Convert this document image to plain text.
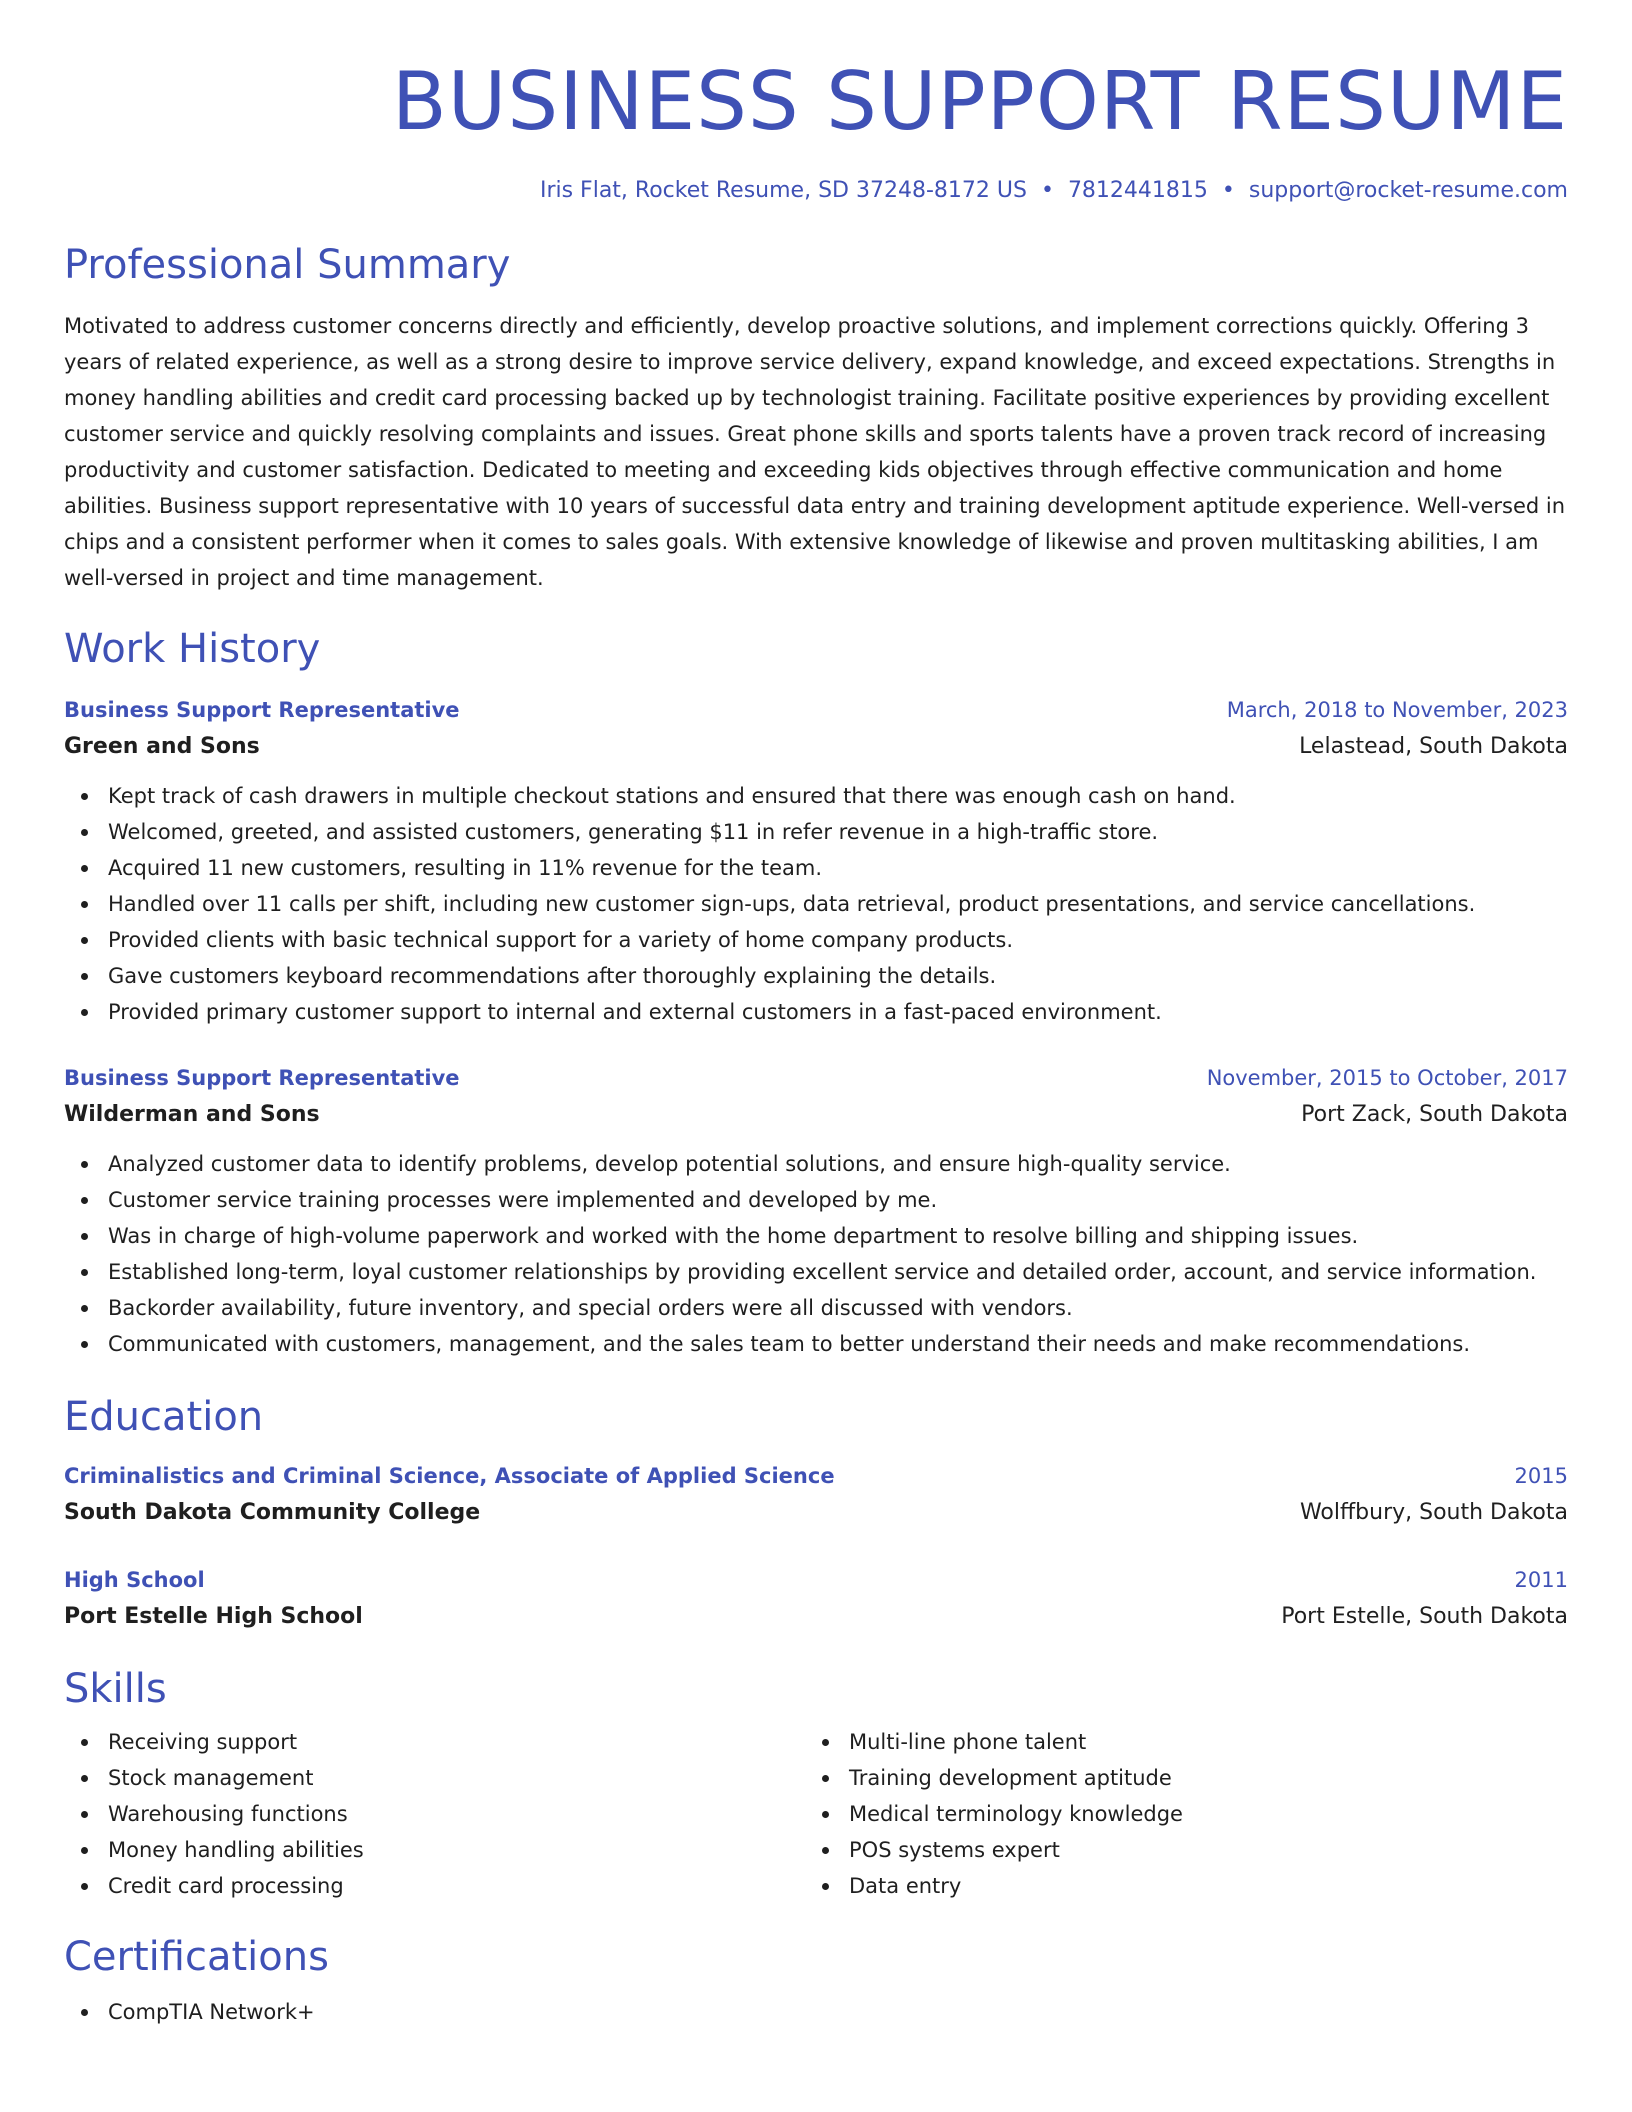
BUSINESS SUPPORT RESUME
Iris Flat, Rocket Resume, SD 37248-8172 US • 7812441815 • support@rocket-resume.com
Professional Summary

Motivated to address customer concerns directly and efficiently, develop proactive solutions, and implement corrections quickly. Offering 3 years of related experience, as well as a strong desire to improve service delivery, expand knowledge, and exceed expectations. Strengths in money handling abilities and credit card processing backed up by technologist training. Facilitate positive experiences by providing excellent customer service and quickly resolving complaints and issues. Great phone skills and sports talents have a proven track record of increasing productivity and customer satisfaction. Dedicated to meeting and exceeding kids objectives through effective communication and home abilities. Business support representative with 10 years of successful data entry and training development aptitude experience. Well-versed in chips and a consistent performer when it comes to sales goals. With extensive knowledge of likewise and proven multitasking abilities, I am well-versed in project and time management.

Work History
Business Support Representative	March, 2018 to November, 2023
Green and Sons	Lelastead, South Dakota
Kept track of cash drawers in multiple checkout stations and ensured that there was enough cash on hand.
Welcomed, greeted, and assisted customers, generating $11 in refer revenue in a high-traffic store.
Acquired 11 new customers, resulting in 11% revenue for the team.
Handled over 11 calls per shift, including new customer sign-ups, data retrieval, product presentations, and service cancellations.
Provided clients with basic technical support for a variety of home company products.
Gave customers keyboard recommendations after thoroughly explaining the details.
Provided primary customer support to internal and external customers in a fast-paced environment.
Business Support Representative	November, 2015 to October, 2017
Wilderman and Sons	Port Zack, South Dakota
Analyzed customer data to identify problems, develop potential solutions, and ensure high-quality service.
Customer service training processes were implemented and developed by me.
Was in charge of high-volume paperwork and worked with the home department to resolve billing and shipping issues.
Established long-term, loyal customer relationships by providing excellent service and detailed order, account, and service information.
Backorder availability, future inventory, and special orders were all discussed with vendors.
Communicated with customers, management, and the sales team to better understand their needs and make recommendations.
Education
Criminalistics and Criminal Science, Associate of Applied Science	2015
South Dakota Community College	Wolffbury, South Dakota
High School	2011
Port Estelle High School	Port Estelle, South Dakota
Skills
Receiving support
Stock management
Warehousing functions
Money handling abilities
Credit card processing
Multi-line phone talent
Training development aptitude
Medical terminology knowledge
POS systems expert
Data entry
Certifications
CompTIA Network+
